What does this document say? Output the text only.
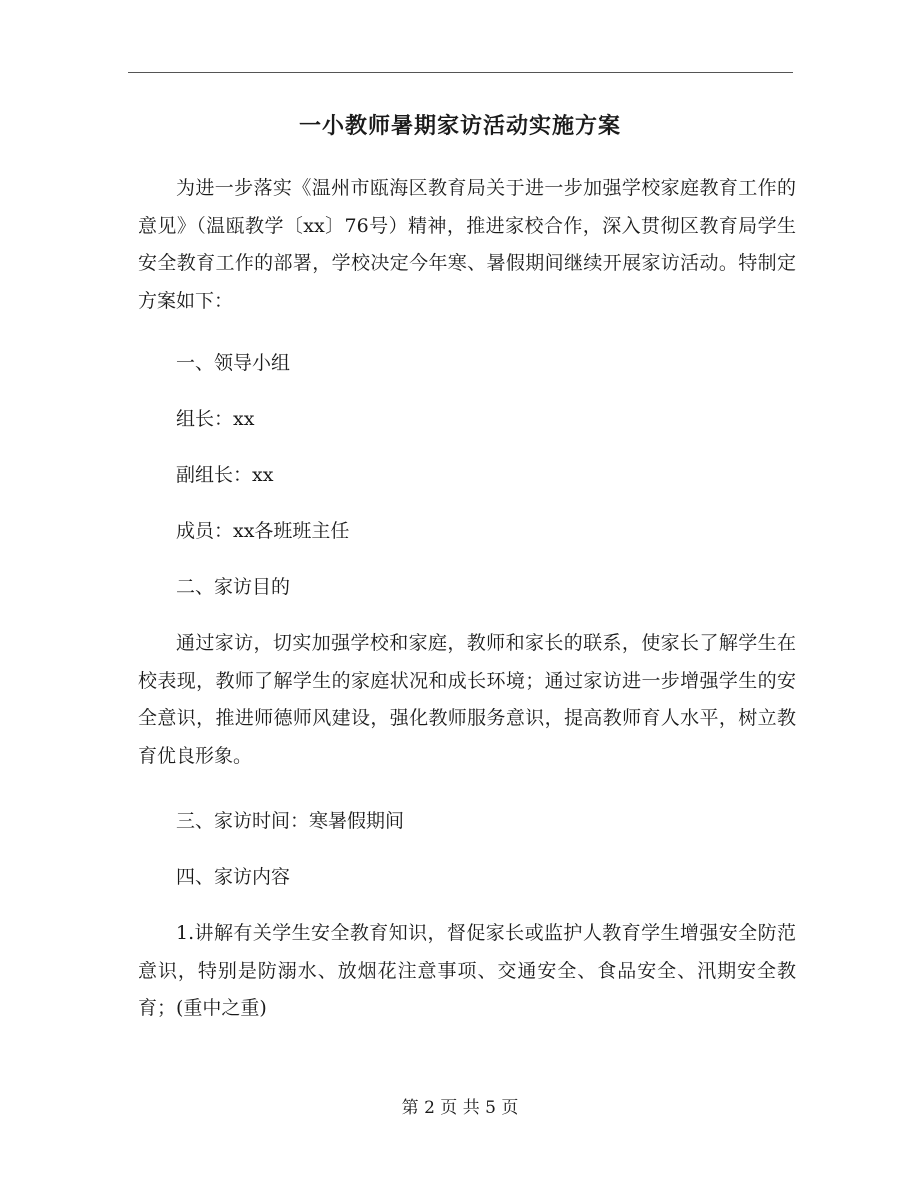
一小教师暑期家访活动实施方案

为进一步落实《温州市瓯海区教育局关于进一步加强学校家庭教育工作的意见》（温瓯教学〔xx〕76号）精神，推进家校合作，深入贯彻区教育局学生安全教育工作的部署，学校决定今年寒、暑假期间继续开展家访活动。特制定方案如下：

一、领导小组

组长：xx

副组长：xx

成员：xx各班班主任

二、家访目的

通过家访，切实加强学校和家庭，教师和家长的联系，使家长了解学生在校表现，教师了解学生的家庭状况和成长环境；通过家访进一步增强学生的安全意识，推进师德师风建设，强化教师服务意识，提高教师育人水平，树立教育优良形象。

三、家访时间：寒暑假期间

四、家访内容

1.讲解有关学生安全教育知识，督促家长或监护人教育学生增强安全防范意识，特别是防溺水、放烟花注意事项、交通安全、食品安全、汛期安全教育；(重中之重)

第 2 页 共 5 页
